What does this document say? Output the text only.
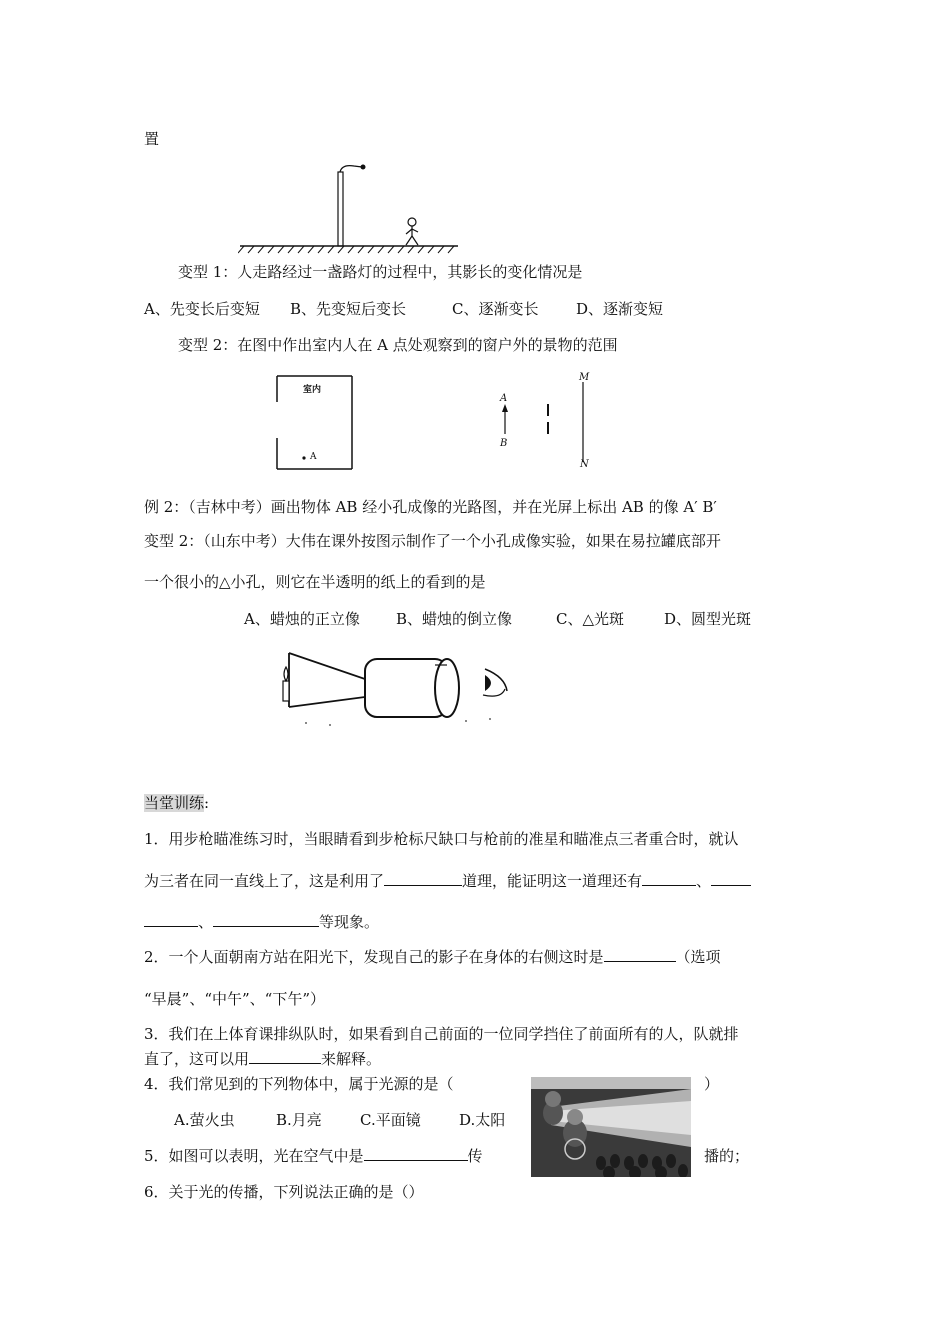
置
变型 1：人走路经过一盏路灯的过程中，其影长的变化情况是
A、先变长后变短 B、先变短后变长	C、逐渐变长	D、逐渐变短
变型 2：在图中作出室内人在 A 点处观察到的窗户外的景物的范围
室内
A
A
B
M
N
例 2：（吉林中考）画出物体 AB 经小孔成像的光路图，并在光屏上标出 AB 的像 A′ B′
变型 2：（山东中考）大伟在课外按图示制作了一个小孔成像实验，如果在易拉罐底部开
一个很小的△小孔，则它在半透明的纸上的看到的是
A、蜡烛的正立像 B、蜡烛的倒立像	C、△光斑	D、圆型光斑
当堂训练:
1．用步枪瞄准练习时，当眼睛看到步枪标尺缺口与枪前的准星和瞄准点三者重合时，就认
为三者在同一直线上了，这是利用了	道理，能证明这一道理还有	、
、	等现象。
2．一个人面朝南方站在阳光下，发现自己的影子在身体的右侧这时是	（选项
“早晨”、“中午”、“下午”）
3．我们在上体育课排纵队时，如果看到自己前面的一位同学挡住了前面所有的人，队就排
直了，这可以用	来解释。
4．我们常见到的下列物体中，属于光源的是（	）
A.萤火虫	B.月亮	C.平面镜	D.太阳
5．如图可以表明，光在空气中是	传	播的；
6．关于光的传播，下列说法正确的是（）
